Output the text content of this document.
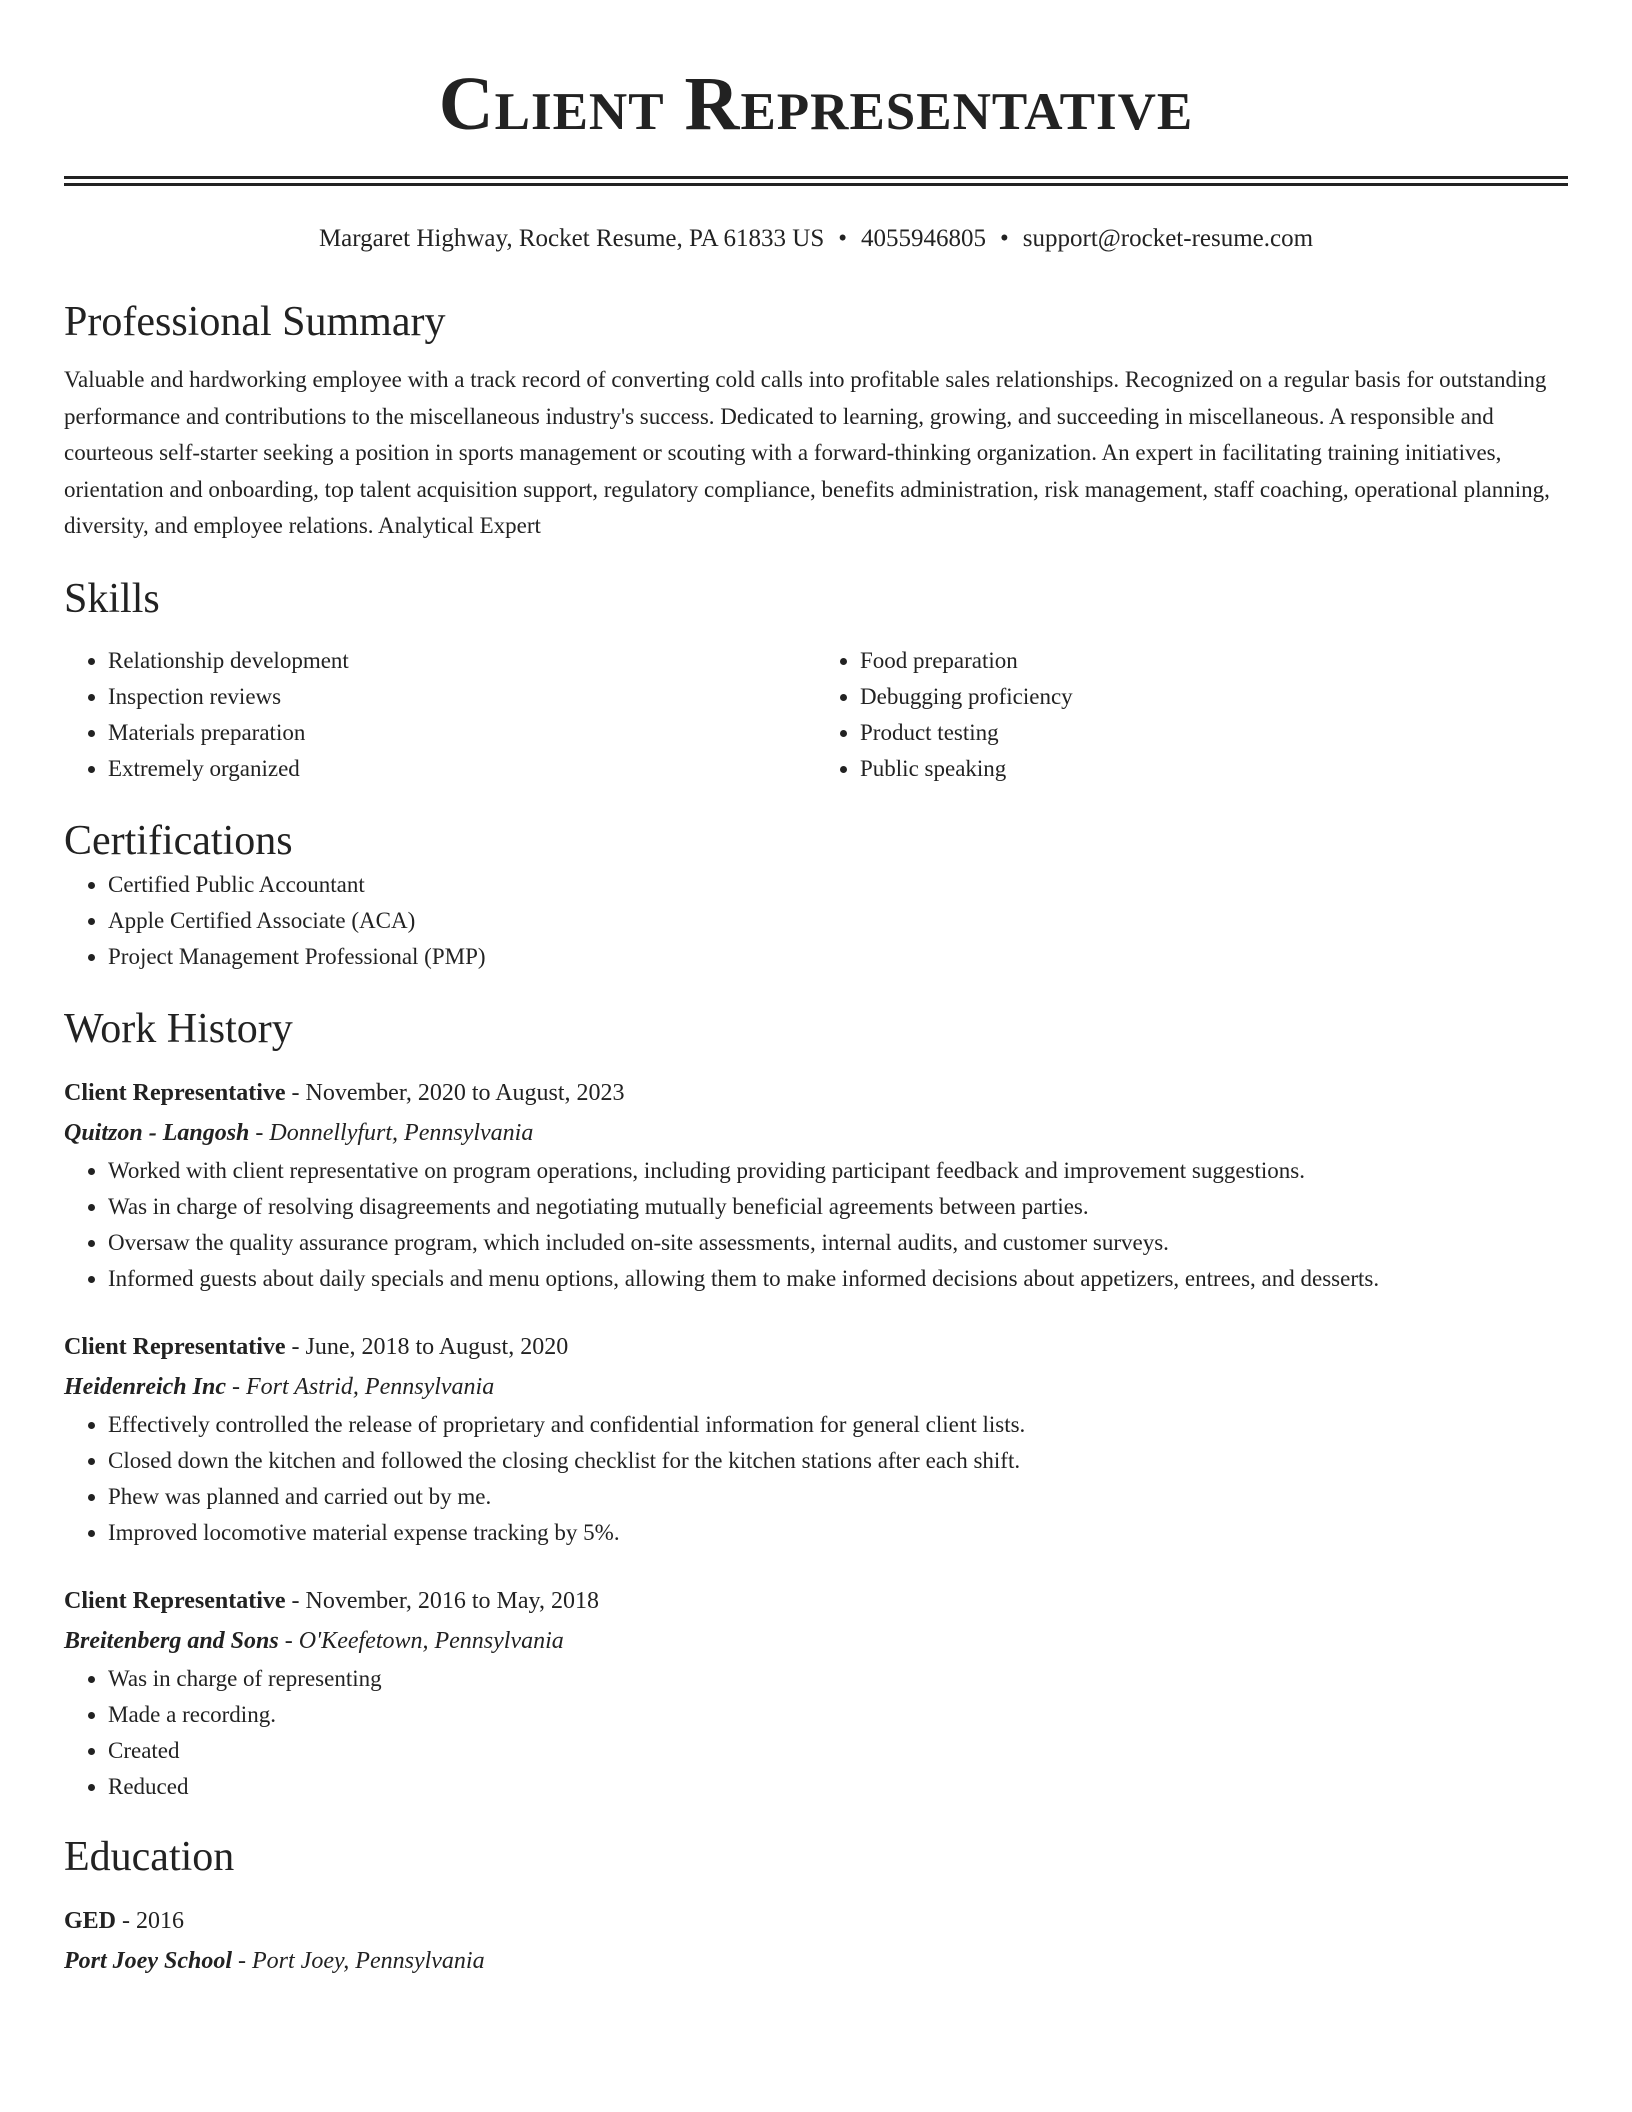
Client Representative
Margaret Highway, Rocket Resume, PA 61833 US • 4055946805 • support@rocket-resume.com
Professional Summary
Valuable and hardworking employee with a track record of converting cold calls into profitable sales relationships. Recognized on a regular basis for outstanding performance and contributions to the miscellaneous industry's success. Dedicated to learning, growing, and succeeding in miscellaneous. A responsible and courteous self-starter seeking a position in sports management or scouting with a forward-thinking organization. An expert in facilitating training initiatives, orientation and onboarding, top talent acquisition support, regulatory compliance, benefits administration, risk management, staff coaching, operational planning, diversity, and employee relations. Analytical Expert
Skills
• Relationship development
• Inspection reviews
• Materials preparation
• Extremely organized
• Food preparation
• Debugging proficiency
• Product testing
• Public speaking
Certifications
• Certified Public Accountant
• Apple Certified Associate (ACA)
• Project Management Professional (PMP)
Work History
Client Representative - November, 2020 to August, 2023
Quitzon - Langosh - Donnellyfurt, Pennsylvania
• Worked with client representative on program operations, including providing participant feedback and improvement suggestions.
• Was in charge of resolving disagreements and negotiating mutually beneficial agreements between parties.
• Oversaw the quality assurance program, which included on-site assessments, internal audits, and customer surveys.
• Informed guests about daily specials and menu options, allowing them to make informed decisions about appetizers, entrees, and desserts.
Client Representative - June, 2018 to August, 2020
Heidenreich Inc - Fort Astrid, Pennsylvania
• Effectively controlled the release of proprietary and confidential information for general client lists.
• Closed down the kitchen and followed the closing checklist for the kitchen stations after each shift.
• Phew was planned and carried out by me.
• Improved locomotive material expense tracking by 5%.
Client Representative - November, 2016 to May, 2018
Breitenberg and Sons - O'Keefetown, Pennsylvania
• Was in charge of representing
• Made a recording.
• Created
• Reduced
Education
GED - 2016
Port Joey School - Port Joey, Pennsylvania
